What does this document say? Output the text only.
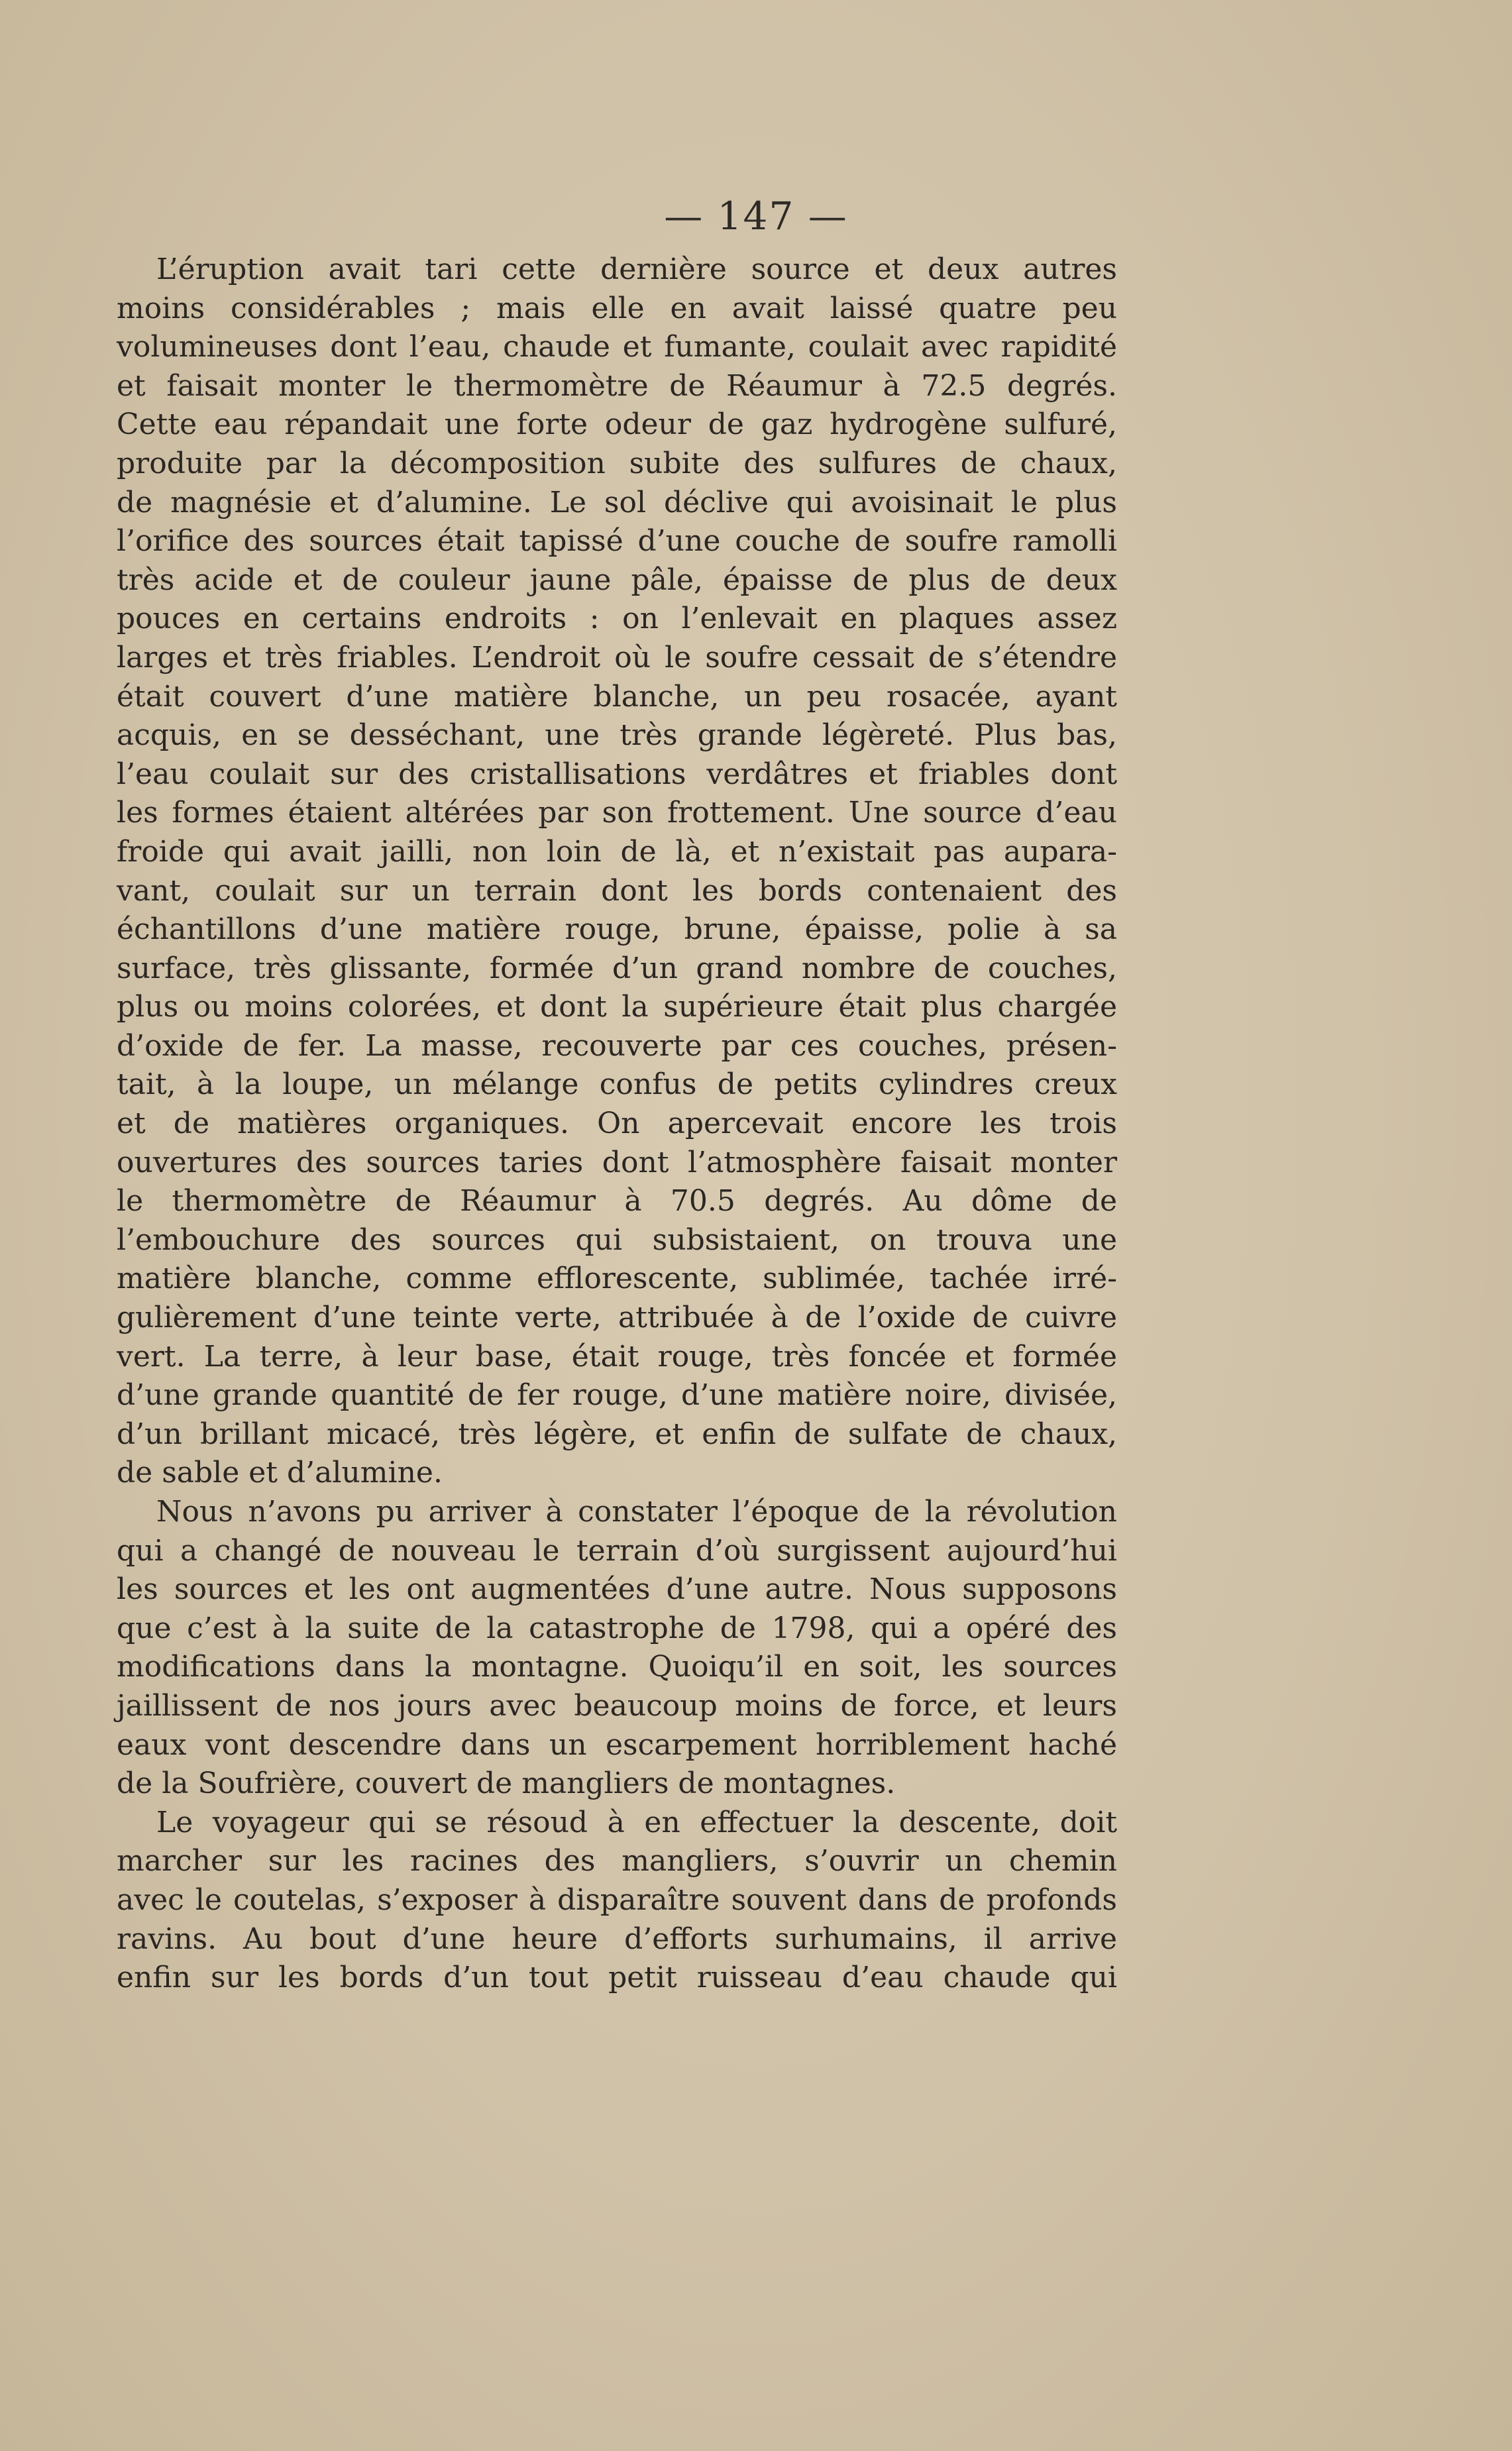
— 147 —
L’éruption avait tari cette dernière source et deux autres
moins considérables ; mais elle en avait laissé quatre peu
volumineuses dont l’eau, chaude et fumante, coulait avec rapidité
et faisait monter le thermomètre de Réaumur à 72.5 degrés.
Cette eau répandait une forte odeur de gaz hydrogène sulfuré,
produite par la décomposition subite des sulfures de chaux,
de magnésie et d’alumine. Le sol déclive qui avoisinait le plus
l’orifice des sources était tapissé d’une couche de soufre ramolli
très acide et de couleur jaune pâle, épaisse de plus de deux
pouces en certains endroits : on l’enlevait en plaques assez
larges et très friables. L’endroit où le soufre cessait de s’étendre
était couvert d’une matière blanche, un peu rosacée, ayant
acquis, en se desséchant, une très grande légèreté. Plus bas,
l’eau coulait sur des cristallisations verdâtres et friables dont
les formes étaient altérées par son frottement. Une source d’eau
froide qui avait jailli, non loin de là, et n’existait pas aupara-
vant, coulait sur un terrain dont les bords contenaient des
échantillons d’une matière rouge, brune, épaisse, polie à sa
surface, très glissante, formée d’un grand nombre de couches,
plus ou moins colorées, et dont la supérieure était plus chargée
d’oxide de fer. La masse, recouverte par ces couches, présen-
tait, à la loupe, un mélange confus de petits cylindres creux
et de matières organiques. On apercevait encore les trois
ouvertures des sources taries dont l’atmosphère faisait monter
le thermomètre de Réaumur à 70.5 degrés. Au dôme de
l’embouchure des sources qui subsistaient, on trouva une
matière blanche, comme efflorescente, sublimée, tachée irré-
gulièrement d’une teinte verte, attribuée à de l’oxide de cuivre
vert. La terre, à leur base, était rouge, très foncée et formée
d’une grande quantité de fer rouge, d’une matière noire, divisée,
d’un brillant micacé, très légère, et enfin de sulfate de chaux,
de sable et d’alumine.
Nous n’avons pu arriver à constater l’époque de la révolution
qui a changé de nouveau le terrain d’où surgissent aujourd’hui
les sources et les ont augmentées d’une autre. Nous supposons
que c’est à la suite de la catastrophe de 1798, qui a opéré des
modifications dans la montagne. Quoiqu’il en soit, les sources
jaillissent de nos jours avec beaucoup moins de force, et leurs
eaux vont descendre dans un escarpement horriblement haché
de la Soufrière, couvert de mangliers de montagnes.
Le voyageur qui se résoud à en effectuer la descente, doit
marcher sur les racines des mangliers, s’ouvrir un chemin
avec le coutelas, s’exposer à disparaître souvent dans de profonds
ravins. Au bout d’une heure d’efforts surhumains, il arrive
enfin sur les bords d’un tout petit ruisseau d’eau chaude qui
